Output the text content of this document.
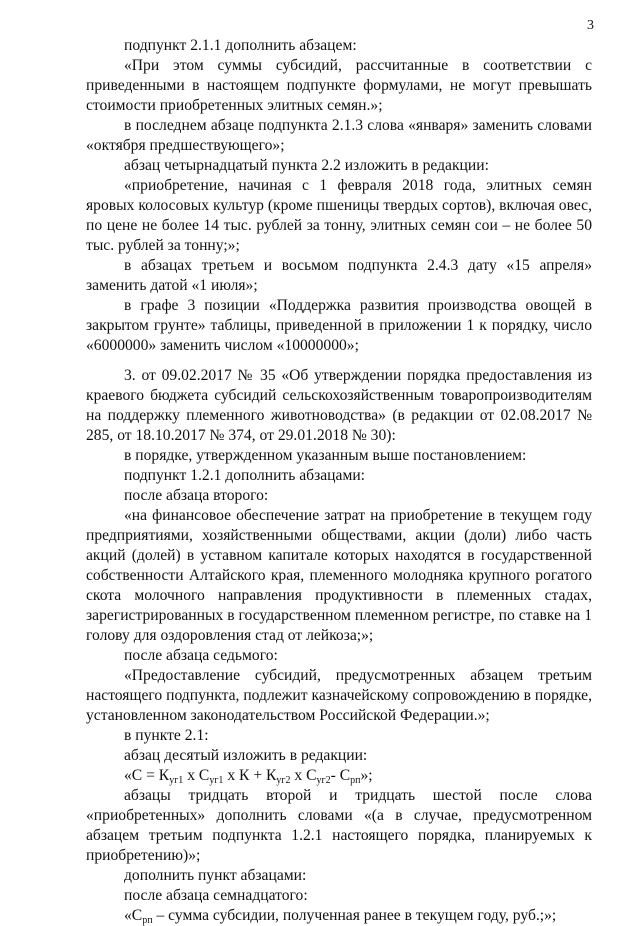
3

подпункт 2.1.1 дополнить абзацем:

«При этом суммы субсидий, рассчитанные в соответствии с приведенными в настоящем подпункте формулами, не могут превышать стоимости приобретенных элитных семян.»;

в последнем абзаце подпункта 2.1.3 слова «января» заменить словами «октября предшествующего»;

абзац четырнадцатый пункта 2.2 изложить в редакции:

«приобретение, начиная с 1 февраля 2018 года, элитных семян яровых колосовых культур (кроме пшеницы твердых сортов), включая овес, по цене не более 14 тыс. рублей за тонну, элитных семян сои – не более 50 тыс. рублей за тонну;»;

в абзацах третьем и восьмом подпункта 2.4.3 дату «15 апреля» заменить датой «1 июля»;

в графе 3 позиции «Поддержка развития производства овощей в закрытом грунте» таблицы, приведенной в приложении 1 к порядку, число «6000000» заменить числом «10000000»;

3. от 09.02.2017 № 35 «Об утверждении порядка предоставления из краевого бюджета субсидий сельскохозяйственным товаропроизводителям на поддержку племенного животноводства» (в редакции от 02.08.2017 № 285, от 18.10.2017 № 374, от 29.01.2018 № 30):

в порядке, утвержденном указанным выше постановлением:

подпункт 1.2.1 дополнить абзацами:

после абзаца второго:

«на финансовое обеспечение затрат на приобретение в текущем году предприятиями, хозяйственными обществами, акции (доли) либо часть акций (долей) в уставном капитале которых находятся в государственной собственности Алтайского края, племенного молодняка крупного рогатого скота молочного направления продуктивности в племенных стадах, зарегистрированных в государственном племенном регистре, по ставке на 1 голову для оздоровления стад от лейкоза;»;

после абзаца седьмого:

«Предоставление субсидий, предусмотренных абзацем третьим настоящего подпункта, подлежит казначейскому сопровождению в порядке, установленном законодательством Российской Федерации.»;

в пункте 2.1:

абзац десятый изложить в редакции:

«$С = К_{уг1}$ х $С_{уг1}$ х $К + К_{уг2}$ х $С_{уг2}-$ $С_{рп}$»;

абзацы тридцать второй и тридцать шестой после слова «приобретенных» дополнить словами «(а в случае, предусмотренном абзацем третьим подпункта 1.2.1 настоящего порядка, планируемых к приобретению)»;

дополнить пункт абзацами:

после абзаца семнадцатого:

«$С_{рп}$ – сумма субсидии, полученная ранее в текущем году, руб.;»;
